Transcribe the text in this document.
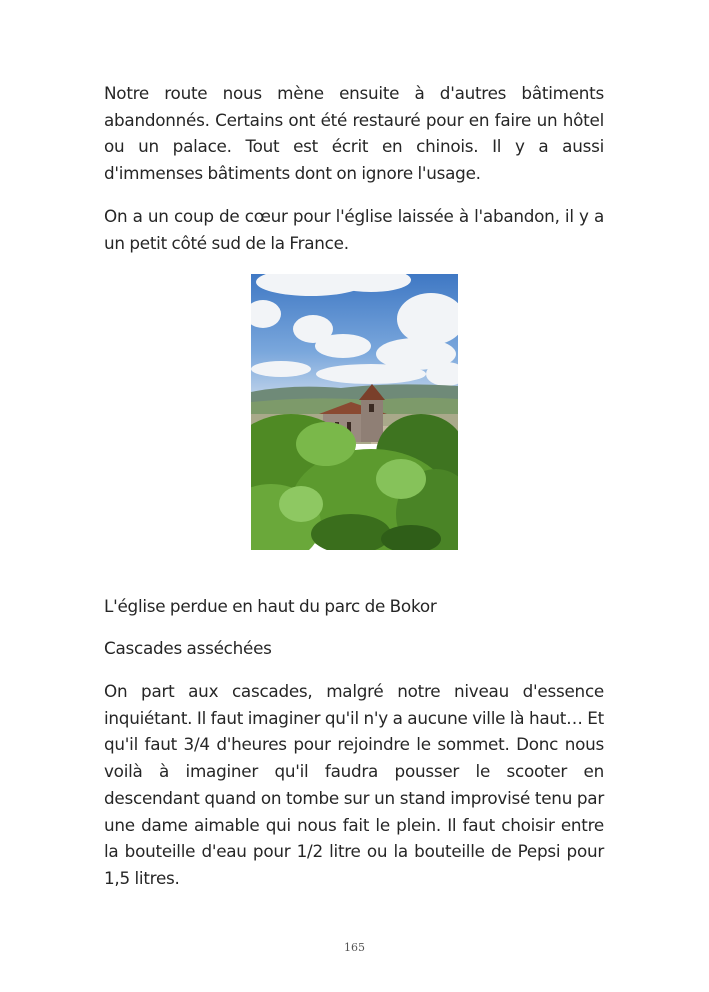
Notre route nous mène ensuite à d'autres bâtiments abandonnés. Certains ont été restauré pour en faire un hôtel ou un palace. Tout est écrit en chinois. Il y a aussi d'immenses bâtiments dont on ignore l'usage.

On a un coup de cœur pour l'église laissée à l'abandon, il y a un petit côté sud de la France.

L'église perdue en haut du parc de Bokor

Cascades asséchées

On part aux cascades, malgré notre niveau d'essence inquiétant. Il faut imaginer qu'il n'y a aucune ville là haut… Et qu'il faut 3/4 d'heures pour rejoindre le sommet. Donc nous voilà à imaginer qu'il faudra pousser le scooter en descendant quand on tombe sur un stand improvisé tenu par une dame aimable qui nous fait le plein. Il faut choisir entre la bouteille d'eau pour 1/2 litre ou la bouteille de Pepsi pour 1,5 litres.

165
